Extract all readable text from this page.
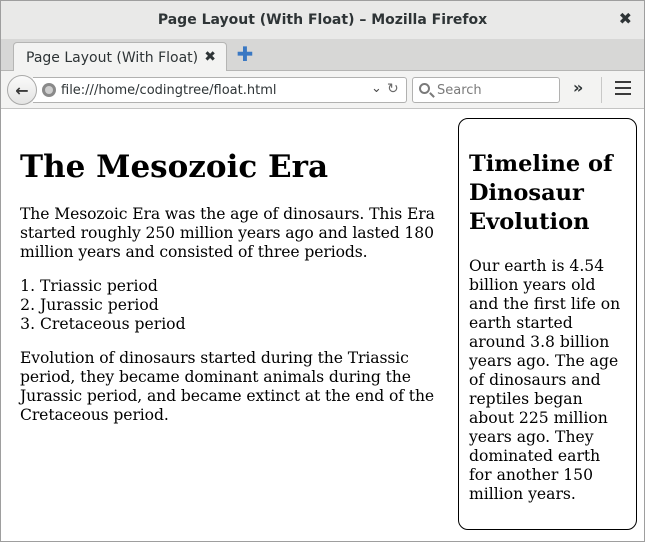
Page Layout (With Float) – Mozilla Firefox	✖
Page Layout (With Float) ✖ ✚
file:///home/codingtree/float.html	⌄ ↻
←
Search	»
The Mesozoic Era

The Mesozoic Era was the age of dinosaurs. This Era started roughly 250 million years ago and lasted 180 million years and consisted of three periods.

1. Triassic period
2. Jurassic period
3. Cretaceous period

Evolution of dinosaurs started during the Triassic period, they became dominant animals during the Jurassic period, and became extinct at the end of the Cretaceous period.

Timeline of Dinosaur Evolution

Our earth is 4.54 billion years old and the first life on earth started around 3.8 billion years ago. The age of dinosaurs and reptiles began about 225 million years ago. They dominated earth for another 150 million years.
